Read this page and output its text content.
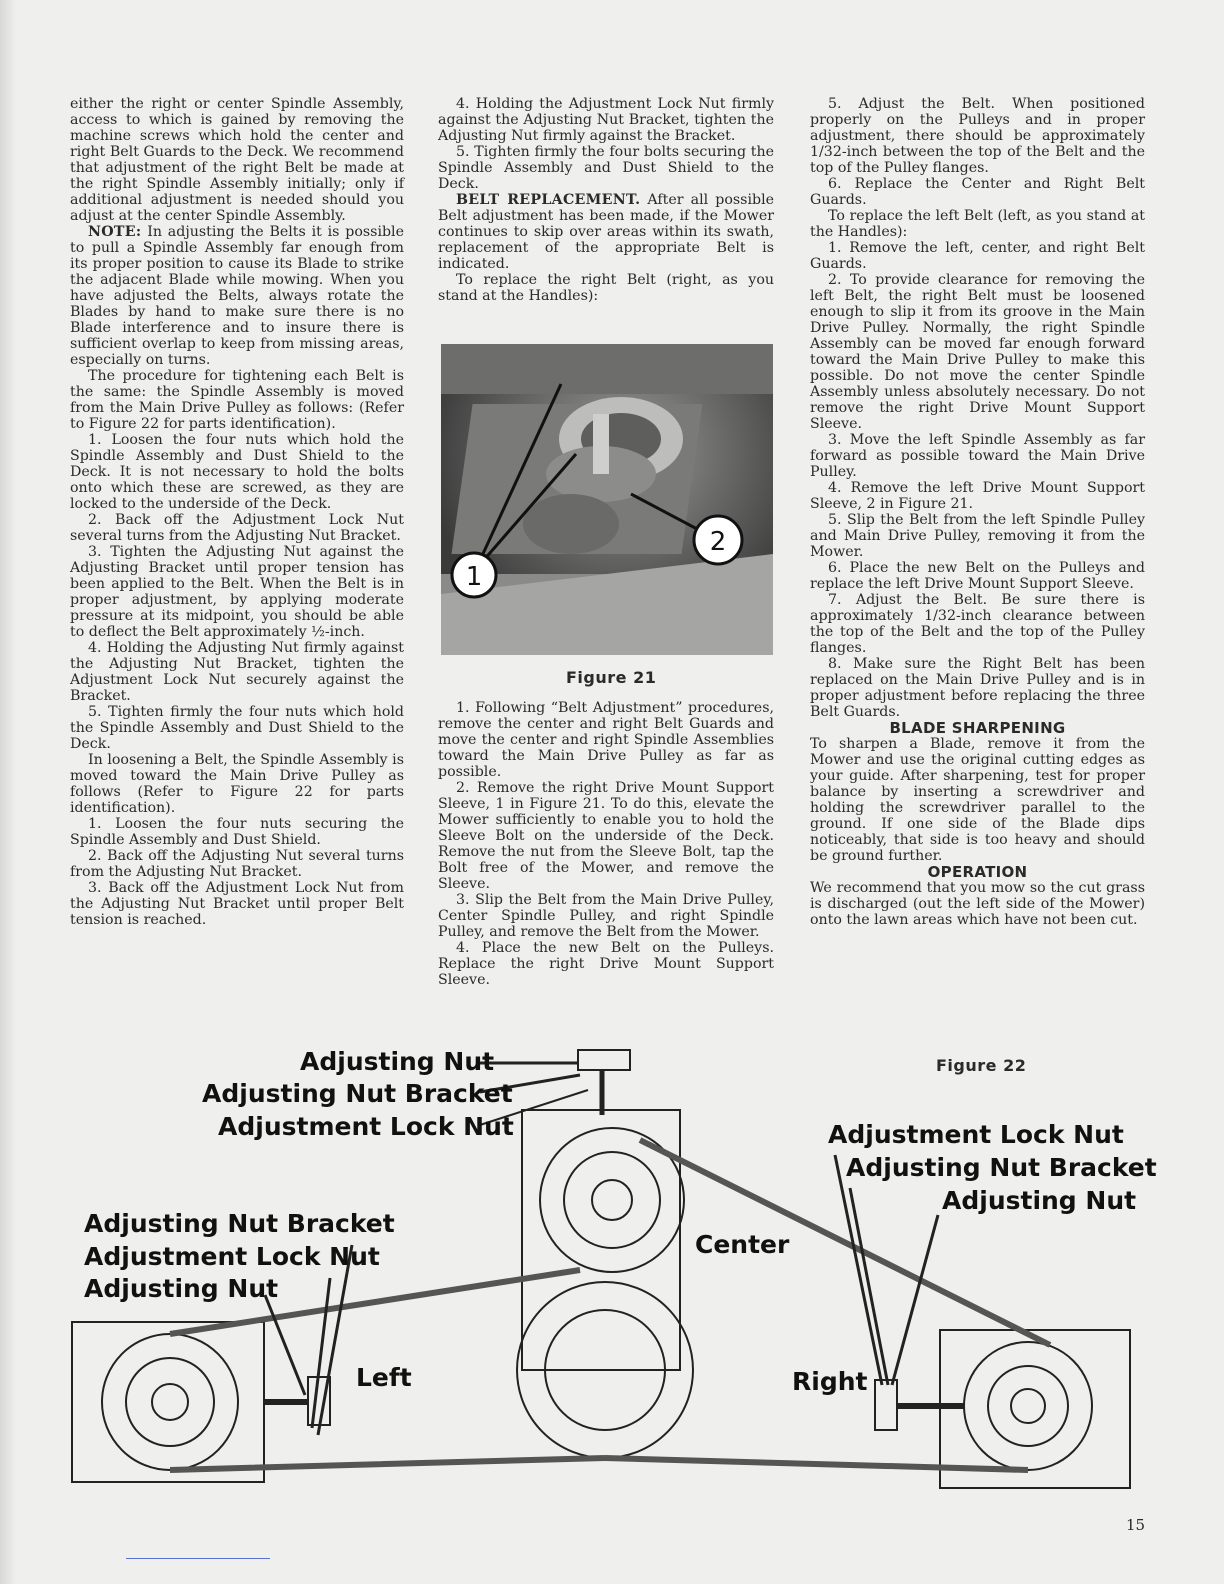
either the right or center Spindle Assembly, access to which is gained by removing the machine screws which hold the center and right Belt Guards to the Deck. We recommend that adjustment of the right Belt be made at the right Spindle Assembly initially; only if additional adjustment is needed should you adjust at the center Spindle Assembly.

NOTE: In adjusting the Belts it is possible to pull a Spindle Assembly far enough from its proper position to cause its Blade to strike the adjacent Blade while mowing. When you have adjusted the Belts, always rotate the Blades by hand to make sure there is no Blade interference and to insure there is sufficient overlap to keep from missing areas, especially on turns.

The procedure for tightening each Belt is the same: the Spindle Assembly is moved from the Main Drive Pulley as follows: (Refer to Figure 22 for parts identification).

1. Loosen the four nuts which hold the Spindle Assembly and Dust Shield to the Deck. It is not necessary to hold the bolts onto which these are screwed, as they are locked to the underside of the Deck.

2. Back off the Adjustment Lock Nut several turns from the Adjusting Nut Bracket.

3. Tighten the Adjusting Nut against the Adjusting Bracket until proper tension has been applied to the Belt. When the Belt is in proper adjustment, by applying moderate pressure at its midpoint, you should be able to deflect the Belt approximately ½-inch.

4. Holding the Adjusting Nut firmly against the Adjusting Nut Bracket, tighten the Adjustment Lock Nut securely against the Bracket.

5. Tighten firmly the four nuts which hold the Spindle Assembly and Dust Shield to the Deck.

In loosening a Belt, the Spindle Assembly is moved toward the Main Drive Pulley as follows (Refer to Figure 22 for parts identification).

1. Loosen the four nuts securing the Spindle Assembly and Dust Shield.

2. Back off the Adjusting Nut several turns from the Adjusting Nut Bracket.

3. Back off the Adjustment Lock Nut from the Adjusting Nut Bracket until proper Belt tension is reached.

4. Holding the Adjustment Lock Nut firmly against the Adjusting Nut Bracket, tighten the Adjusting Nut firmly against the Bracket.

5. Tighten firmly the four bolts securing the Spindle Assembly and Dust Shield to the Deck.

BELT REPLACEMENT. After all possible Belt adjustment has been made, if the Mower continues to skip over areas within its swath, replacement of the appropriate Belt is indicated.

To replace the right Belt (right, as you stand at the Handles):

1. Following “Belt Adjustment” procedures, remove the center and right Belt Guards and move the center and right Spindle Assemblies toward the Main Drive Pulley as far as possible.

2. Remove the right Drive Mount Support Sleeve, 1 in Figure 21. To do this, elevate the Mower sufficiently to enable you to hold the Sleeve Bolt on the underside of the Deck. Remove the nut from the Sleeve Bolt, tap the Bolt free of the Mower, and remove the Sleeve.

3. Slip the Belt from the Main Drive Pulley, Center Spindle Pulley, and right Spindle Pulley, and remove the Belt from the Mower.

4. Place the new Belt on the Pulleys. Replace the right Drive Mount Support Sleeve.

1
2
Figure 21

5. Adjust the Belt. When positioned properly on the Pulleys and in proper adjustment, there should be approximately 1/32-inch between the top of the Belt and the top of the Pulley flanges.

6. Replace the Center and Right Belt Guards.

To replace the left Belt (left, as you stand at the Handles):

1. Remove the left, center, and right Belt Guards.

2. To provide clearance for removing the left Belt, the right Belt must be loosened enough to slip it from its groove in the Main Drive Pulley. Normally, the right Spindle Assembly can be moved far enough forward toward the Main Drive Pulley to make this possible. Do not move the center Spindle Assembly unless absolutely necessary. Do not remove the right Drive Mount Support Sleeve.

3. Move the left Spindle Assembly as far forward as possible toward the Main Drive Pulley.

4. Remove the left Drive Mount Support Sleeve, 2 in Figure 21.

5. Slip the Belt from the left Spindle Pulley and Main Drive Pulley, removing it from the Mower.

6. Place the new Belt on the Pulleys and replace the left Drive Mount Support Sleeve.

7. Adjust the Belt. Be sure there is approximately 1/32-inch clearance between the top of the Belt and the top of the Pulley flanges.

8. Make sure the Right Belt has been replaced on the Main Drive Pulley and is in proper adjustment before replacing the three Belt Guards.

BLADE SHARPENING

To sharpen a Blade, remove it from the Mower and use the original cutting edges as your guide. After sharpening, test for proper balance by inserting a screwdriver and holding the screwdriver parallel to the ground. If one side of the Blade dips noticeably, that side is too heavy and should be ground further.

OPERATION

We recommend that you mow so the cut grass is discharged (out the left side of the Mower) onto the lawn areas which have not been cut.

Figure 22
Adjusting Nut
Adjusting Nut Bracket
Adjustment Lock Nut
Adjusting Nut Bracket
Adjustment Lock Nut
Adjusting Nut
Adjustment Lock Nut
Adjusting Nut Bracket
Adjusting Nut
Center
Left	Right
15
